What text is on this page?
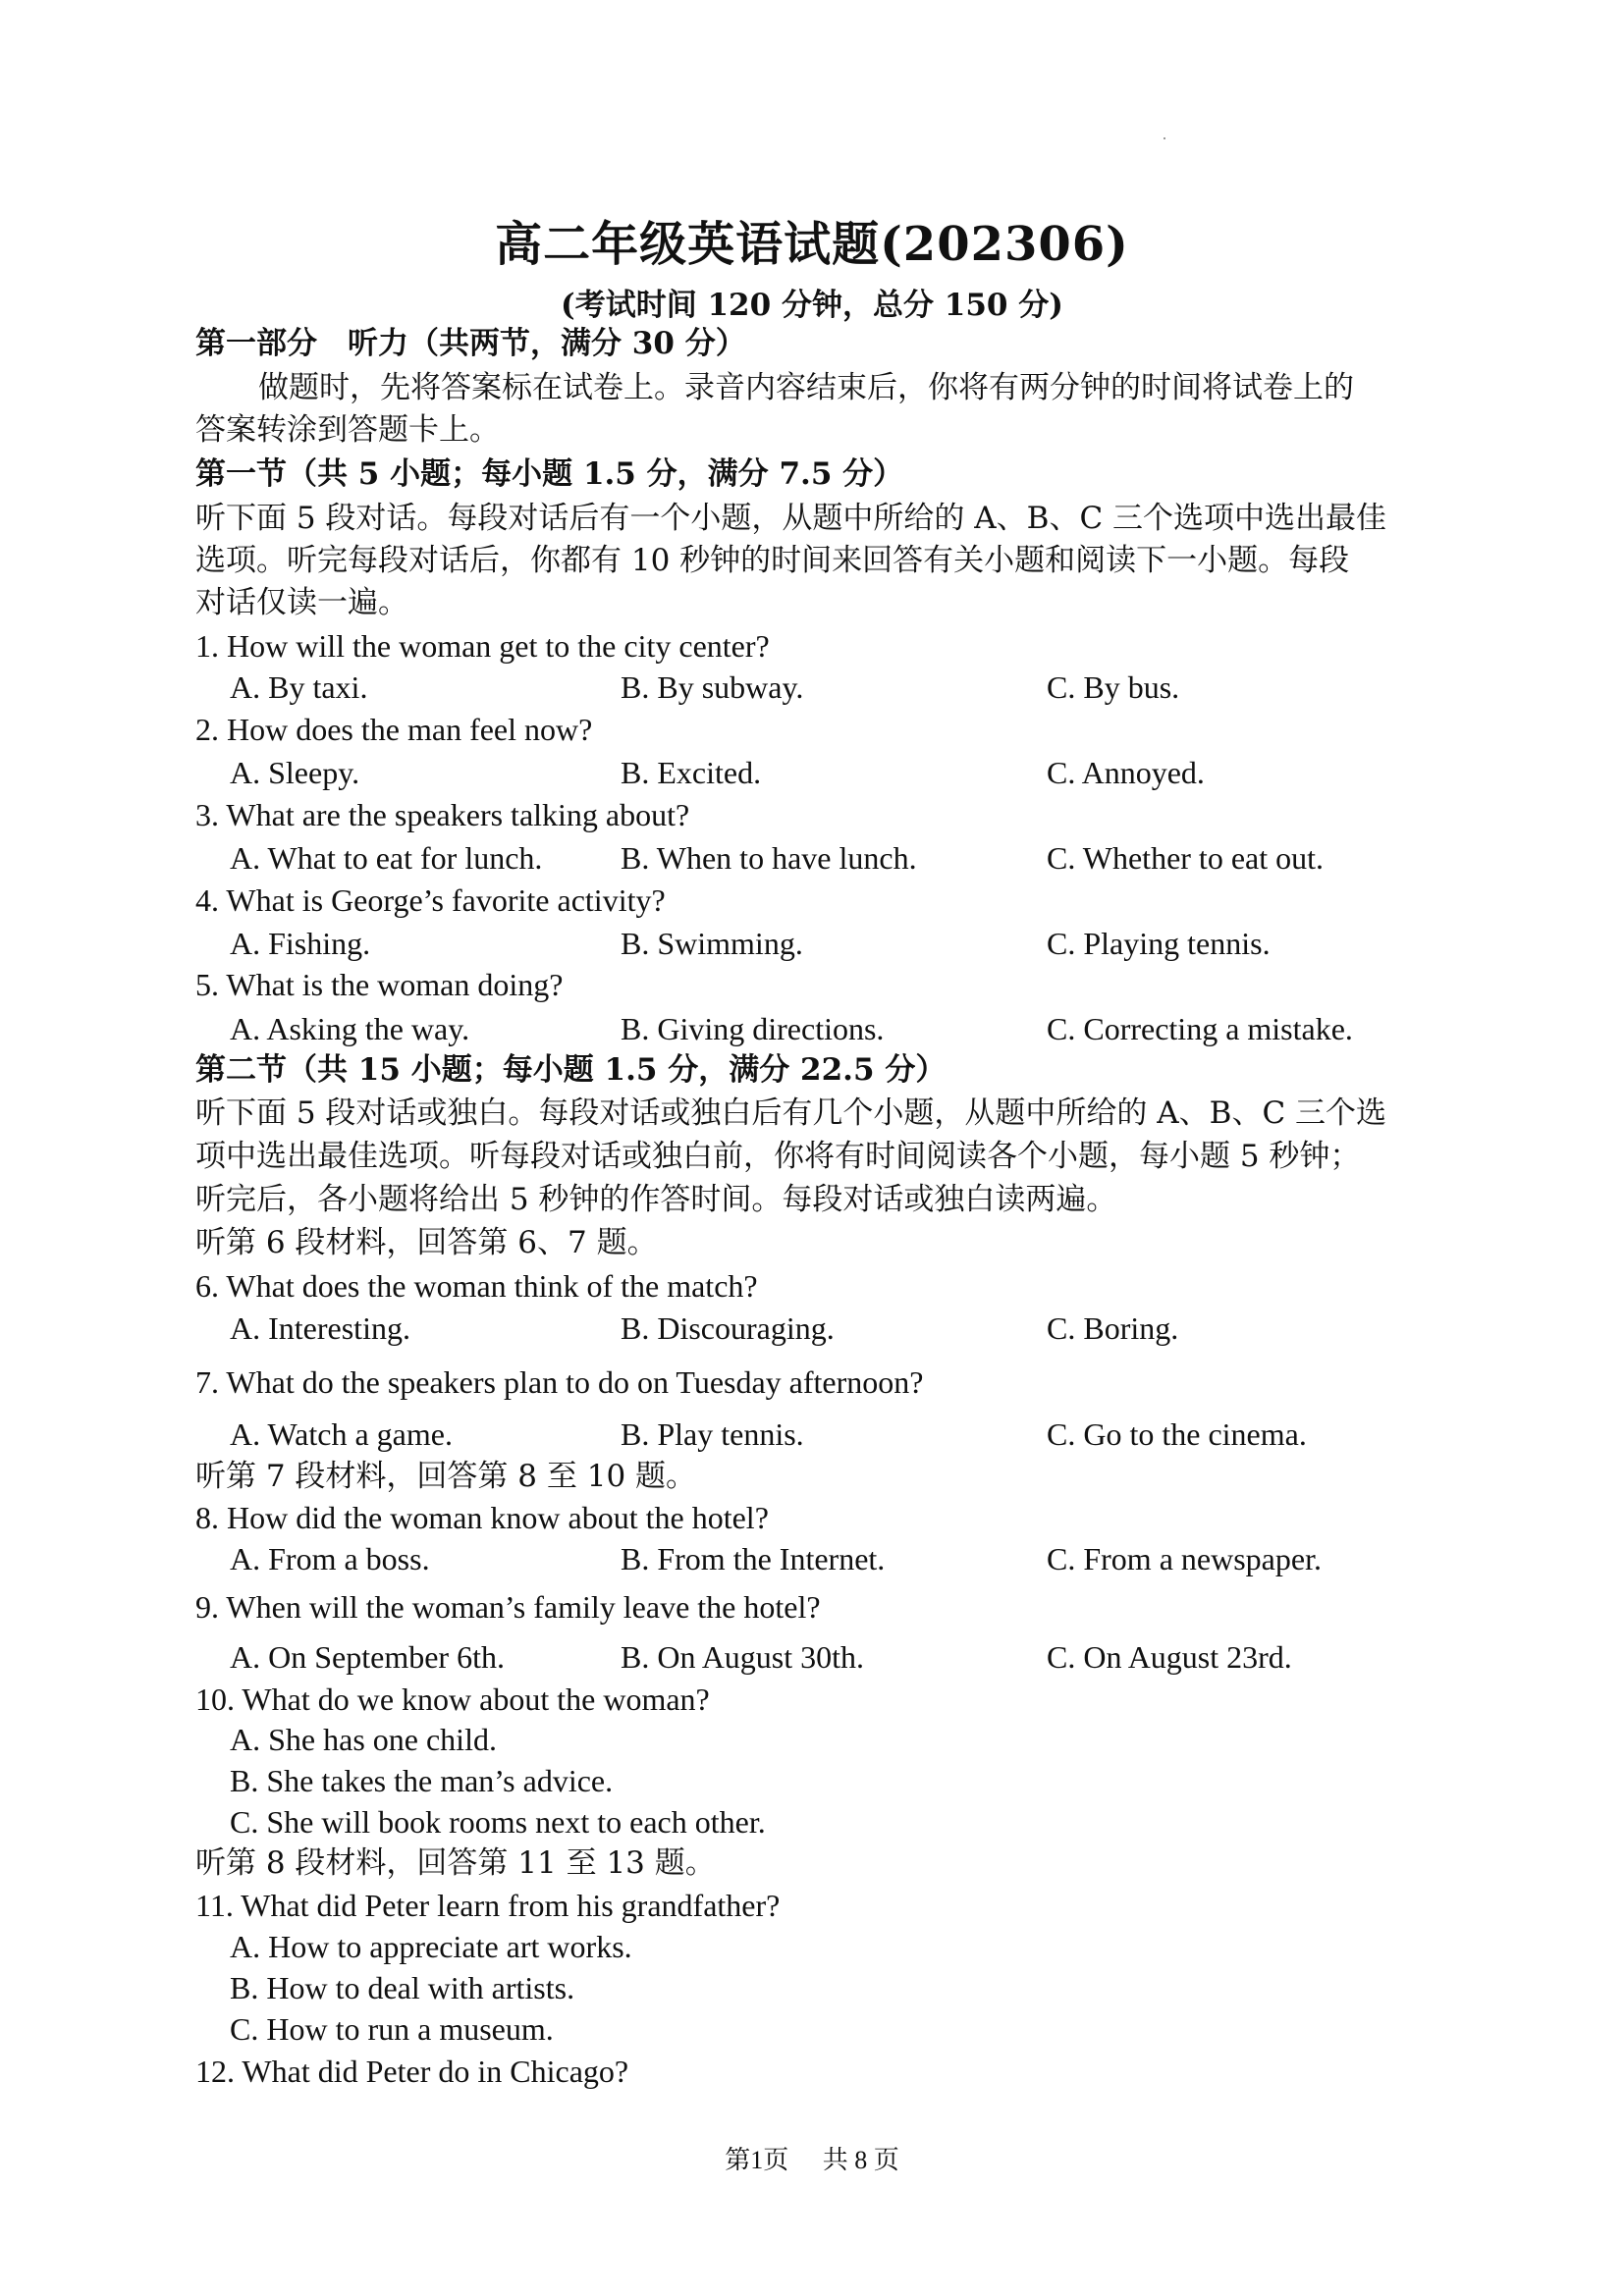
高二年级英语试题(202306)
(考试时间 120 分钟，总分 150 分)
第一部分　听力（共两节，满分 30 分）
做题时，先将答案标在试卷上。录音内容结束后，你将有两分钟的时间将试卷上的
答案转涂到答题卡上。
第一节（共 5 小题；每小题 1.5 分，满分 7.5 分）
听下面 5 段对话。每段对话后有一个小题，从题中所给的 A、B、C 三个选项中选出最佳
选项。听完每段对话后，你都有 10 秒钟的时间来回答有关小题和阅读下一小题。每段
对话仅读一遍。
1. How will the woman get to the city center?
A. By taxi.	B. By subway.	C. By bus.
2. How does the man feel now?
A. Sleepy.	B. Excited.	C. Annoyed.
3. What are the speakers talking about?
A. What to eat for lunch. B. When to have lunch.	C. Whether to eat out.
4. What is George’s favorite activity?
A. Fishing.	B. Swimming.	C. Playing tennis.
5. What is the woman doing?
A. Asking the way.	B. Giving directions.	C. Correcting a mistake.
第二节（共 15 小题；每小题 1.5 分，满分 22.5 分）
听下面 5 段对话或独白。每段对话或独白后有几个小题，从题中所给的 A、B、C 三个选
项中选出最佳选项。听每段对话或独白前，你将有时间阅读各个小题，每小题 5 秒钟；
听完后，各小题将给出 5 秒钟的作答时间。每段对话或独白读两遍。
听第 6 段材料，回答第 6、7 题。
6. What does the woman think of the match?
A. Interesting.	B. Discouraging.	C. Boring.
7. What do the speakers plan to do on Tuesday afternoon?
A. Watch a game.	B. Play tennis.	C. Go to the cinema.
听第 7 段材料，回答第 8 至 10 题。
8. How did the woman know about the hotel?
A. From a boss.	B. From the Internet.	C. From a newspaper.
9. When will the woman’s family leave the hotel?
A. On September 6th.	B. On August 30th.	C. On August 23rd.
10. What do we know about the woman?
A. She has one child.
B. She takes the man’s advice.
C. She will book rooms next to each other.
听第 8 段材料，回答第 11 至 13 题。
11. What did Peter learn from his grandfather?
A. How to appreciate art works.
B. How to deal with artists.
C. How to run a museum.
12. What did Peter do in Chicago?
第1页 共 8 页
